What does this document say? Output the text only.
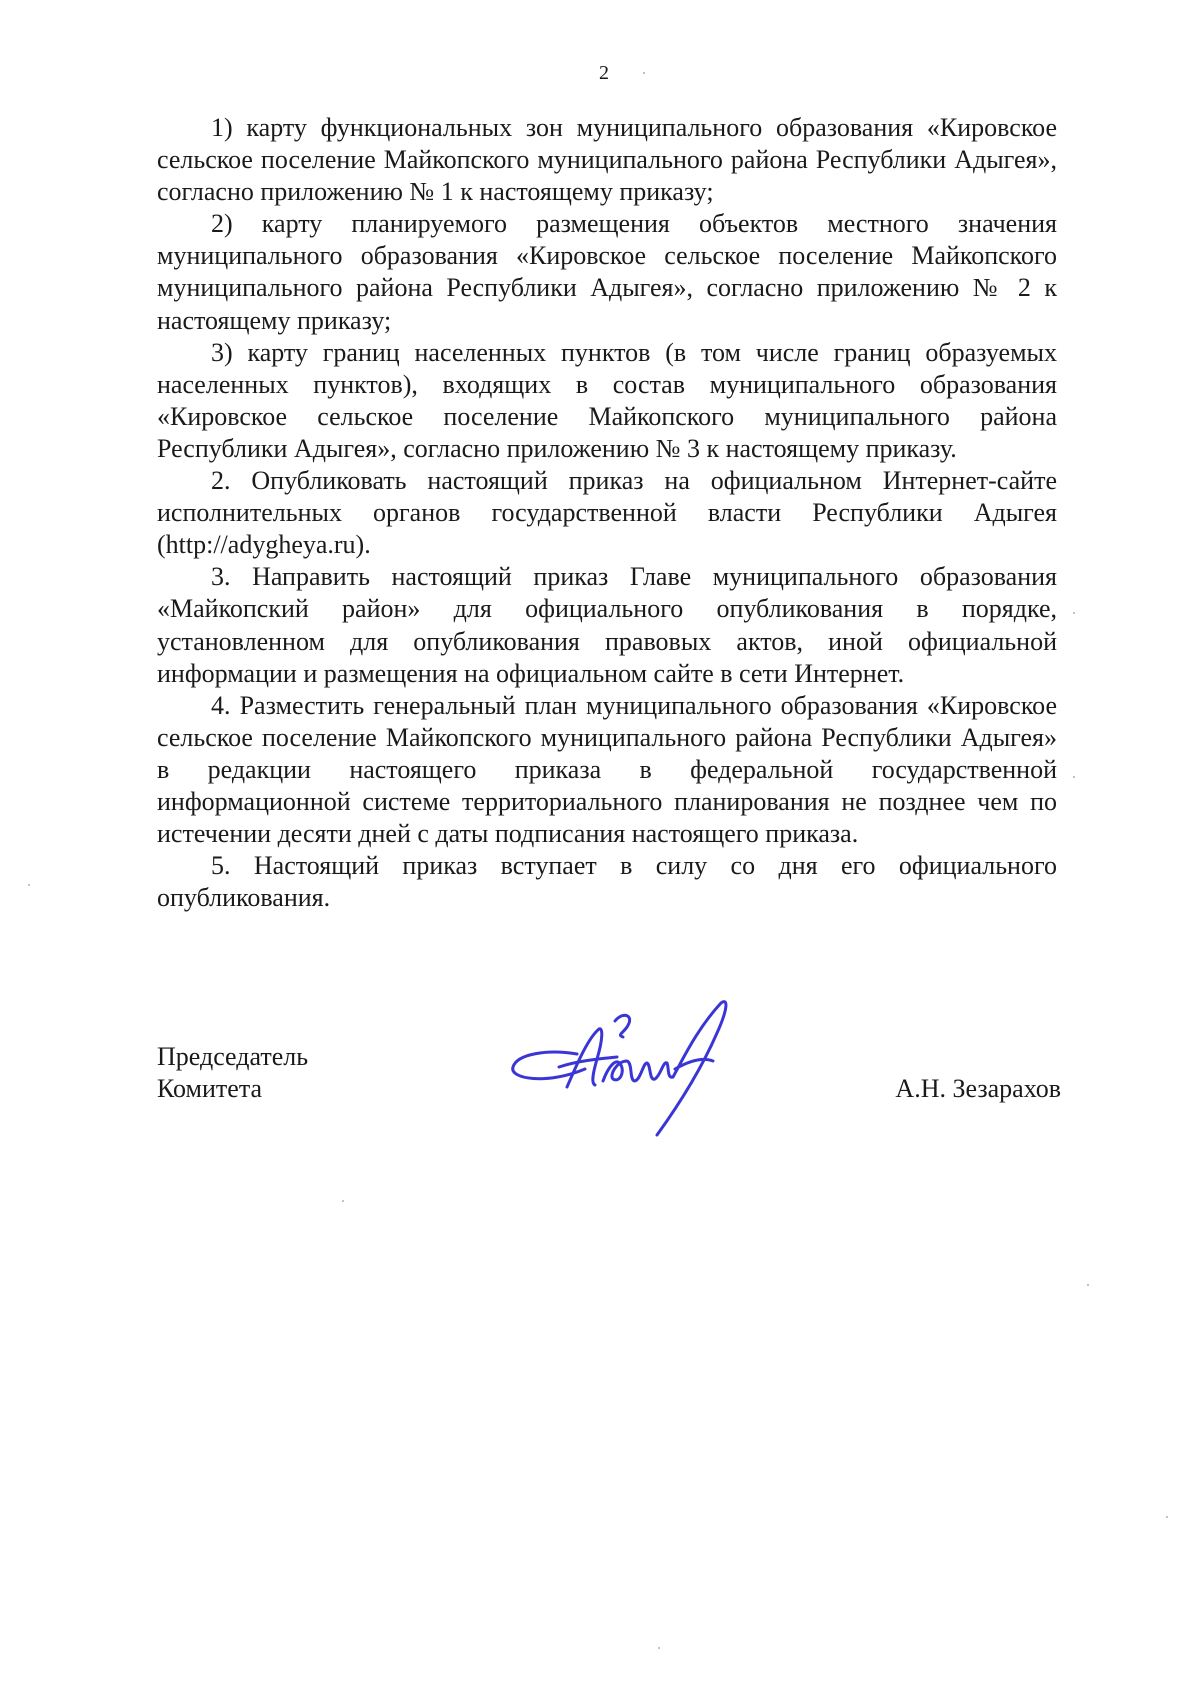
2

1) карту функциональных зон муниципального образования «Кировское сельское поселение Майкопского муниципального района Республики Адыгея», согласно приложению № 1 к настоящему приказу;

2) карту планируемого размещения объектов местного значения муниципального образования «Кировское сельское поселение Майкопского муниципального района Республики Адыгея», согласно приложению № 2 к настоящему приказу;

3) карту границ населенных пунктов (в том числе границ образуемых населенных пунктов), входящих в состав муниципального образования «Кировское сельское поселение Майкопского муниципального района Республики Адыгея», согласно приложению № 3 к настоящему приказу.

2. Опубликовать настоящий приказ на официальном Интернет-сайте исполнительных органов государственной власти Республики Адыгея (http://adygheya.ru).

3. Направить настоящий приказ Главе муниципального образования «Майкопский район» для официального опубликования в порядке, установленном для опубликования правовых актов, иной официальной информации и размещения на официальном сайте в сети Интернет.

4. Разместить генеральный план муниципального образования «Кировское сельское поселение Майкопского муниципального района Республики Адыгея» в редакции настоящего приказа в федеральной государственной информационной системе территориального планирования не позднее чем по истечении десяти дней с даты подписания настоящего приказа.

5. Настоящий приказ вступает в силу со дня его официального опубликования.

Председатель
Комитета	А.Н. Зезарахов
